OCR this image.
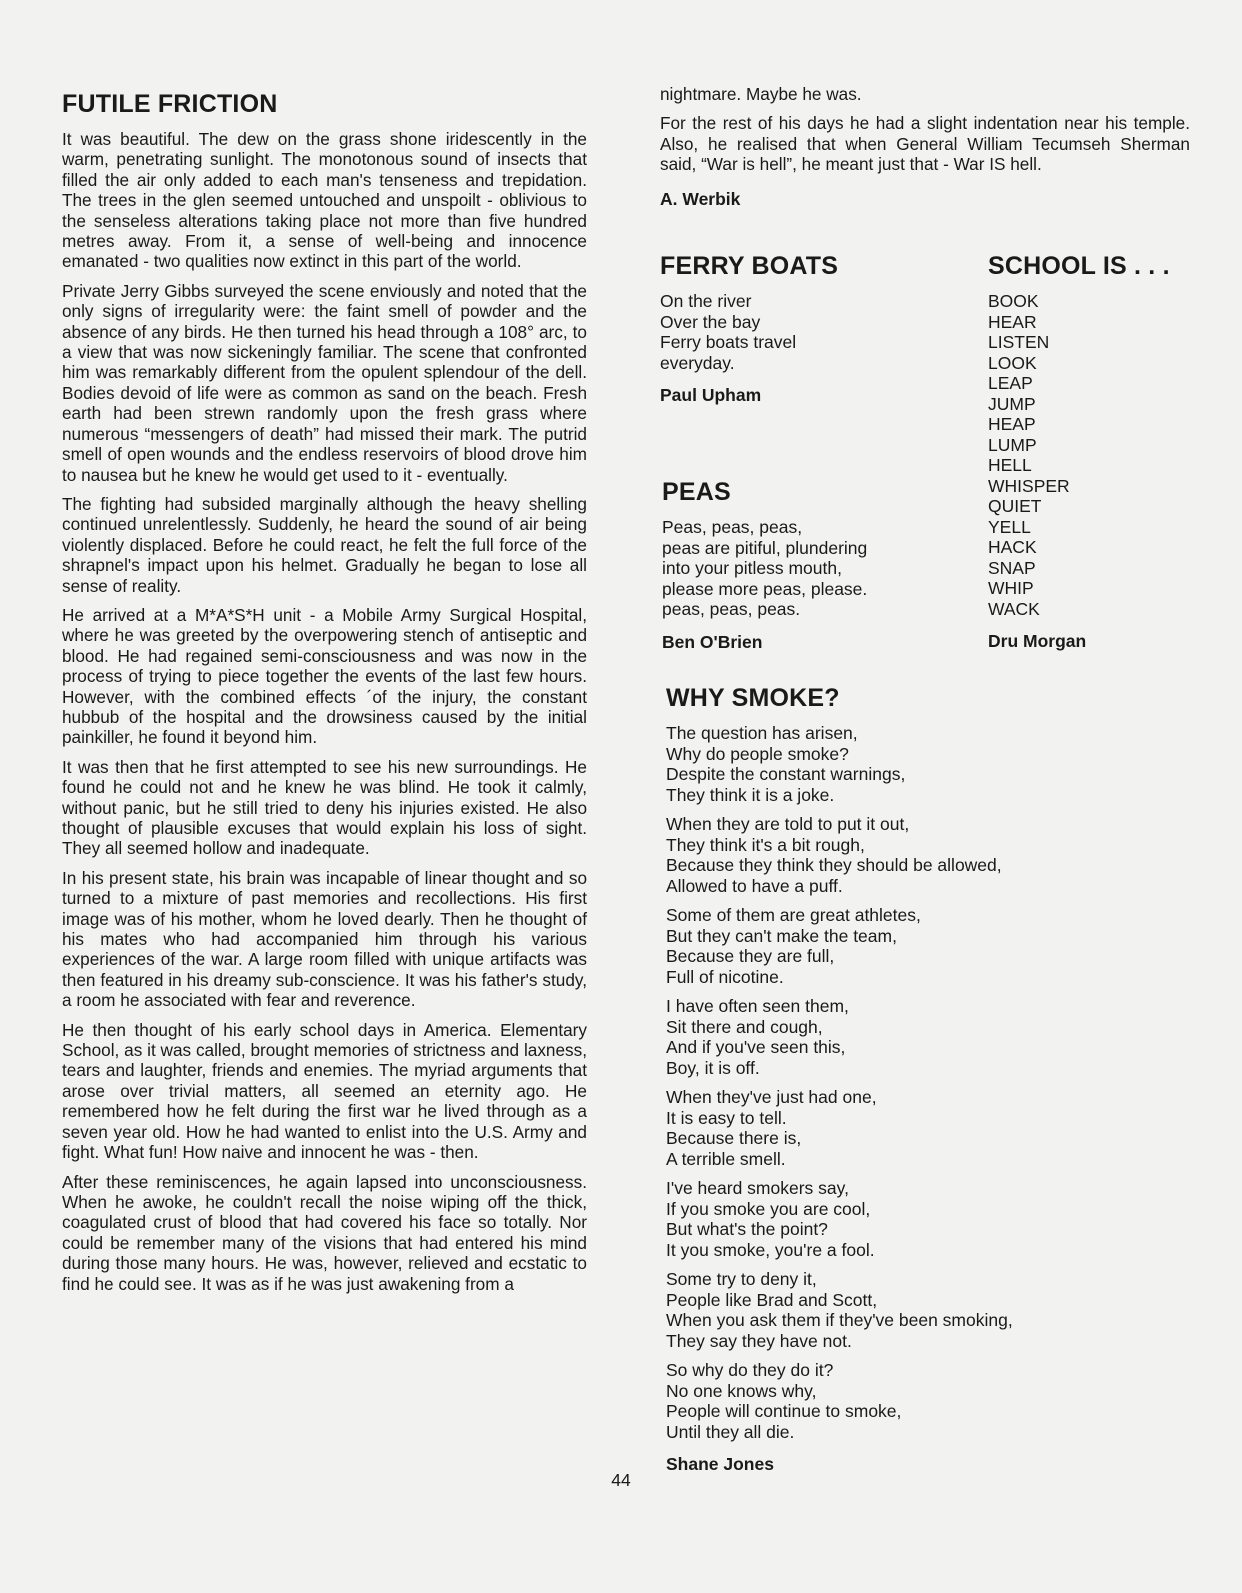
FUTILE FRICTION

It was beautiful. The dew on the grass shone iridescently in the warm, penetrating sunlight. The monotonous sound of insects that filled the air only added to each man's tenseness and trepidation. The trees in the glen seemed untouched and unspoilt - oblivious to the senseless alterations taking place not more than five hundred metres away. From it, a sense of well-being and innocence emanated - two qualities now extinct in this part of the world.

Private Jerry Gibbs surveyed the scene enviously and noted that the only signs of irregularity were: the faint smell of powder and the absence of any birds. He then turned his head through a 108° arc, to a view that was now sickeningly familiar. The scene that confronted him was remarkably different from the opulent splendour of the dell. Bodies devoid of life were as common as sand on the beach. Fresh earth had been strewn randomly upon the fresh grass where numerous “messengers of death” had missed their mark. The putrid smell of open wounds and the endless reservoirs of blood drove him to nausea but he knew he would get used to it - eventually.

The fighting had subsided marginally although the heavy shelling continued unrelentlessly. Suddenly, he heard the sound of air being violently displaced. Before he could react, he felt the full force of the shrapnel's impact upon his helmet. Gradually he began to lose all sense of reality.

He arrived at a M*A*S*H unit - a Mobile Army Surgical Hospital, where he was greeted by the overpowering stench of antiseptic and blood. He had regained semi-consciousness and was now in the process of trying to piece together the events of the last few hours. However, with the combined effects ´of the injury, the constant hubbub of the hospital and the drowsiness caused by the initial painkiller, he found it beyond him.

It was then that he first attempted to see his new surroundings. He found he could not and he knew he was blind. He took it calmly, without panic, but he still tried to deny his injuries existed. He also thought of plausible excuses that would explain his loss of sight. They all seemed hollow and inadequate.

In his present state, his brain was incapable of linear thought and so turned to a mixture of past memories and recollections. His first image was of his mother, whom he loved dearly. Then he thought of his mates who had accompanied him through his various experiences of the war. A large room filled with unique artifacts was then featured in his dreamy sub-conscience. It was his father's study, a room he associated with fear and reverence.

He then thought of his early school days in America. Elementary School, as it was called, brought memories of strictness and laxness, tears and laughter, friends and enemies. The myriad arguments that arose over trivial matters, all seemed an eternity ago. He remembered how he felt during the first war he lived through as a seven year old. How he had wanted to enlist into the U.S. Army and fight. What fun! How naive and innocent he was - then.

After these reminiscences, he again lapsed into unconsciousness. When he awoke, he couldn't recall the noise wiping off the thick, coagulated crust of blood that had covered his face so totally. Nor could be remember many of the visions that had entered his mind during those many hours. He was, however, relieved and ecstatic to find he could see. It was as if he was just awakening from a

nightmare. Maybe he was.

For the rest of his days he had a slight indentation near his temple. Also, he realised that when General William Tecumseh Sherman said, “War is hell”, he meant just that - War IS hell.

A. Werbik
FERRY BOATS
On the river
Over the bay
Ferry boats travel
everyday.
Paul Upham
SCHOOL IS . . .
BOOK
HEAR
LISTEN
LOOK
LEAP
JUMP
HEAP
LUMP
HELL
WHISPER
QUIET
YELL
HACK
SNAP
WHIP
WACK
Dru Morgan
PEAS
Peas, peas, peas,
peas are pitiful, plundering
into your pitless mouth,
please more peas, please.
peas, peas, peas.
Ben O'Brien
WHY SMOKE?
The question has arisen,
Why do people smoke?
Despite the constant warnings,
They think it is a joke.
When they are told to put it out,
They think it's a bit rough,
Because they think they should be allowed,
Allowed to have a puff.
Some of them are great athletes,
But they can't make the team,
Because they are full,
Full of nicotine.
I have often seen them,
Sit there and cough,
And if you've seen this,
Boy, it is off.
When they've just had one,
It is easy to tell.
Because there is,
A terrible smell.
I've heard smokers say,
If you smoke you are cool,
But what's the point?
It you smoke, you're a fool.
Some try to deny it,
People like Brad and Scott,
When you ask them if they've been smoking,
They say they have not.
So why do they do it?
No one knows why,
People will continue to smoke,
Until they all die.
Shane Jones
44
